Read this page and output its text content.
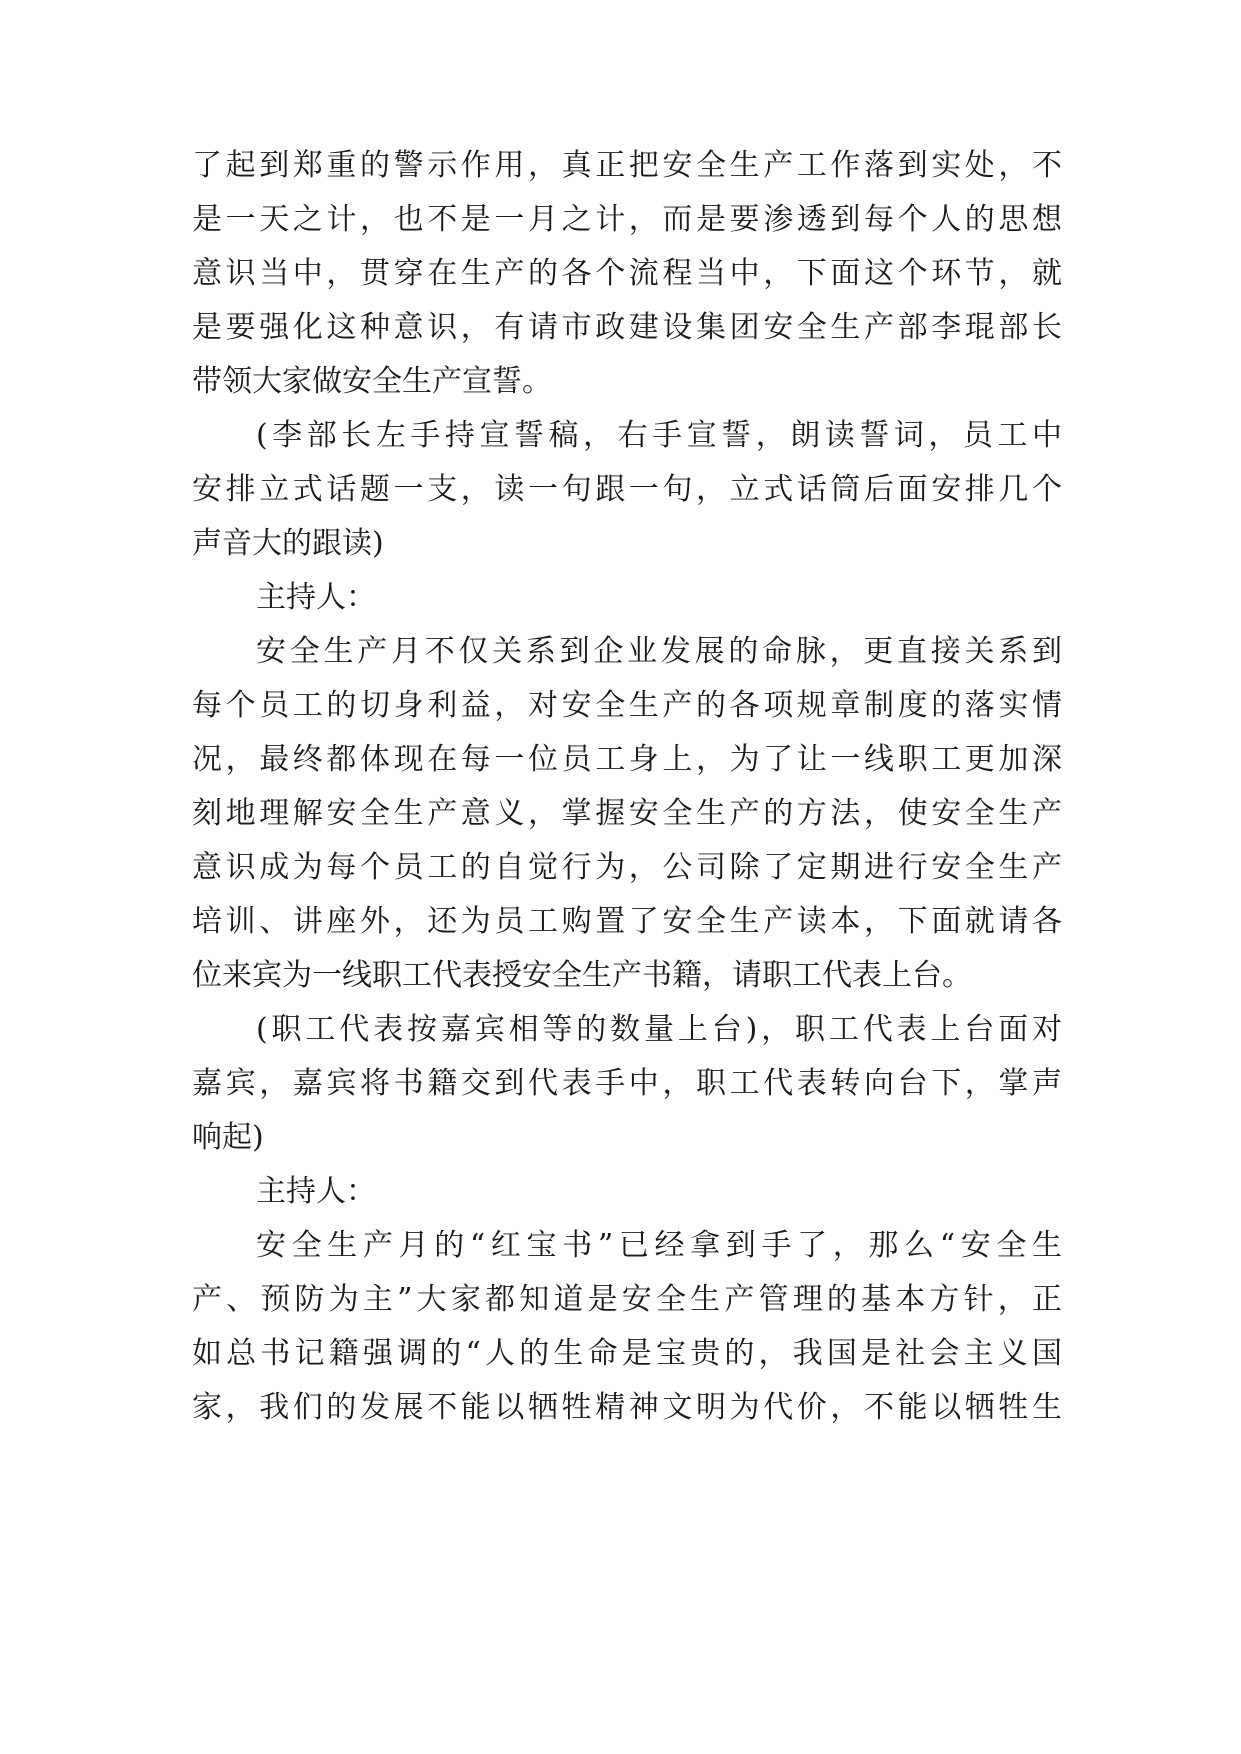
了起到郑重的警示作用，真正把安全生产工作落到实处，不
是一天之计，也不是一月之计，而是要渗透到每个人的思想
意识当中，贯穿在生产的各个流程当中，下面这个环节，就
是要强化这种意识，有请市政建设集团安全生产部李琨部长
带领大家做安全生产宣誓。
(李部长左手持宣誓稿，右手宣誓，朗读誓词，员工中
安排立式话题一支，读一句跟一句，立式话筒后面安排几个
声音大的跟读)
主持人：
安全生产月不仅关系到企业发展的命脉，更直接关系到
每个员工的切身利益，对安全生产的各项规章制度的落实情
况，最终都体现在每一位员工身上，为了让一线职工更加深
刻地理解安全生产意义，掌握安全生产的方法，使安全生产
意识成为每个员工的自觉行为，公司除了定期进行安全生产
培训、讲座外，还为员工购置了安全生产读本，下面就请各
位来宾为一线职工代表授安全生产书籍，请职工代表上台。
(职工代表按嘉宾相等的数量上台)，职工代表上台面对
嘉宾，嘉宾将书籍交到代表手中，职工代表转向台下，掌声
响起)
主持人：
安全生产月的“红宝书”已经拿到手了，那么“安全生
产、预防为主”大家都知道是安全生产管理的基本方针，正
如总书记籍强调的“人的生命是宝贵的，我国是社会主义国
家，我们的发展不能以牺牲精神文明为代价，不能以牺牲生
